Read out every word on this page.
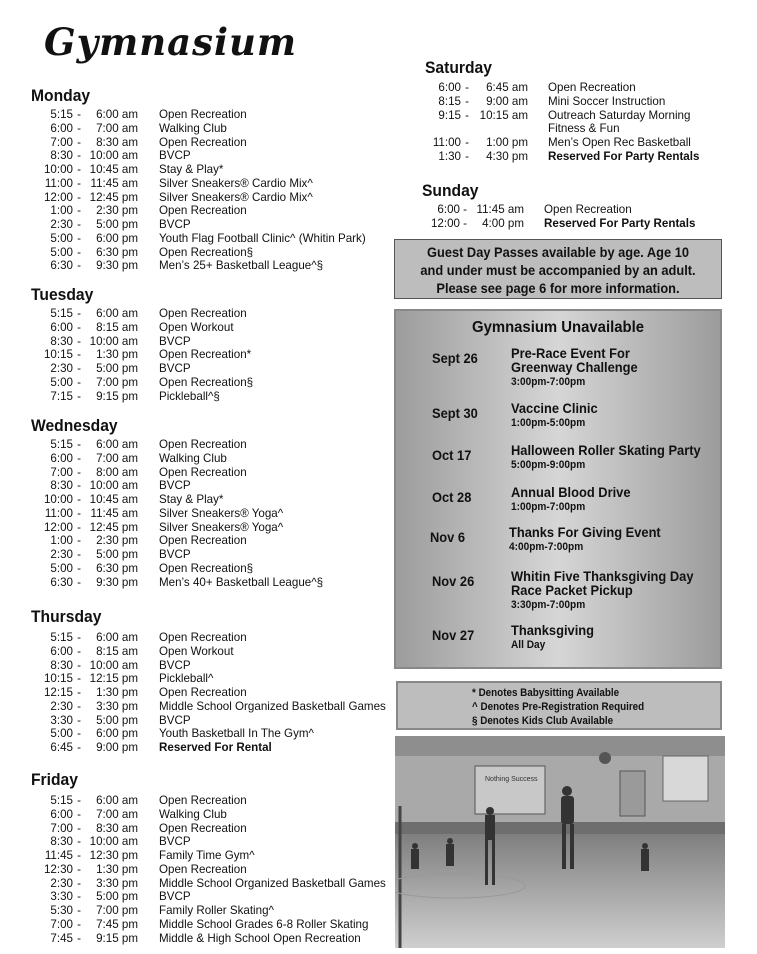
Gymnasium
Monday
5:15 -	6:00 am Open Recreation
6:00 -	7:00 am Walking Club
7:00 -	8:30 am Open Recreation
8:30 - 10:00 am BVCP
10:00 - 10:45 am Stay & Play*
11:00 - 11:45 am Silver Sneakers® Cardio Mix^
12:00 - 12:45 pm Silver Sneakers® Cardio Mix^
1:00 -	2:30 pm Open Recreation
2:30 -	5:00 pm BVCP
5:00 -	6:00 pm Youth Flag Football Clinic^ (Whitin Park)
5:00 -	6:30 pm Open Recreation§
6:30 -	9:30 pm Men’s 25+ Basketball League^§
Tuesday
5:15 -	6:00 am Open Recreation
6:00 -	8:15 am Open Workout
8:30 - 10:00 am BVCP
10:15 -	1:30 pm Open Recreation*
2:30 -	5:00 pm BVCP
5:00 -	7:00 pm Open Recreation§
7:15 -	9:15 pm Pickleball^§
Wednesday
5:15 -	6:00 am Open Recreation
6:00 -	7:00 am Walking Club
7:00 -	8:00 am Open Recreation
8:30 - 10:00 am BVCP
10:00 - 10:45 am Stay & Play*
11:00 - 11:45 am Silver Sneakers® Yoga^
12:00 - 12:45 pm Silver Sneakers® Yoga^
1:00 -	2:30 pm Open Recreation
2:30 -	5:00 pm BVCP
5:00 -	6:30 pm Open Recreation§
6:30 -	9:30 pm Men’s 40+ Basketball League^§
Thursday
5:15 -	6:00 am Open Recreation
6:00 -	8:15 am Open Workout
8:30 - 10:00 am BVCP
10:15 - 12:15 pm Pickleball^
12:15 -	1:30 pm Open Recreation
2:30 -	3:30 pm Middle School Organized Basketball Games
3:30 -	5:00 pm BVCP
5:00 -	6:00 pm Youth Basketball In The Gym^
6:45 -	9:00 pm Reserved For Rental
Friday
5:15 -	6:00 am Open Recreation
6:00 -	7:00 am Walking Club
7:00 -	8:30 am Open Recreation
8:30 - 10:00 am BVCP
11:45 - 12:30 pm Family Time Gym^
12:30 -	1:30 pm Open Recreation
2:30 -	3:30 pm Middle School Organized Basketball Games
3:30 -	5:00 pm BVCP
5:30 -	7:00 pm Family Roller Skating^
7:00 -	7:45 pm Middle School Grades 6-8 Roller Skating
7:45 -	9:15 pm Middle & High School Open Recreation
Saturday
6:00 -	6:45 am Open Recreation
8:15 -	9:00 am Mini Soccer Instruction
9:15 - 10:15 am Outreach Saturday Morning
Fitness & Fun
11:00 -	1:00 pm Men’s Open Rec Basketball
1:30 -	4:30 pm Reserved For Party Rentals
Sunday
6:00 - 11:45 am Open Recreation
12:00 -	4:00 pm Reserved For Party Rentals
Guest Day Passes available by age. Age 10
and under must be accompanied by an adult.
Please see page 6 for more information.
Gymnasium Unavailable
Sept 26 Pre-Race Event For
Greenway Challenge
3:00pm-7:00pm
Sept 30 Vaccine Clinic
1:00pm-5:00pm
Oct 17	Halloween Roller Skating Party
5:00pm-9:00pm
Oct 28	Annual Blood Drive
1:00pm-7:00pm
Nov 6	Thanks For Giving Event
4:00pm-7:00pm
Nov 26	Whitin Five Thanksgiving Day
Race Packet Pickup
3:30pm-7:00pm
Nov 27	Thanksgiving
All Day
* Denotes Babysitting Available
^ Denotes Pre-Registration Required
§ Denotes Kids Club Available
Nothing Success
